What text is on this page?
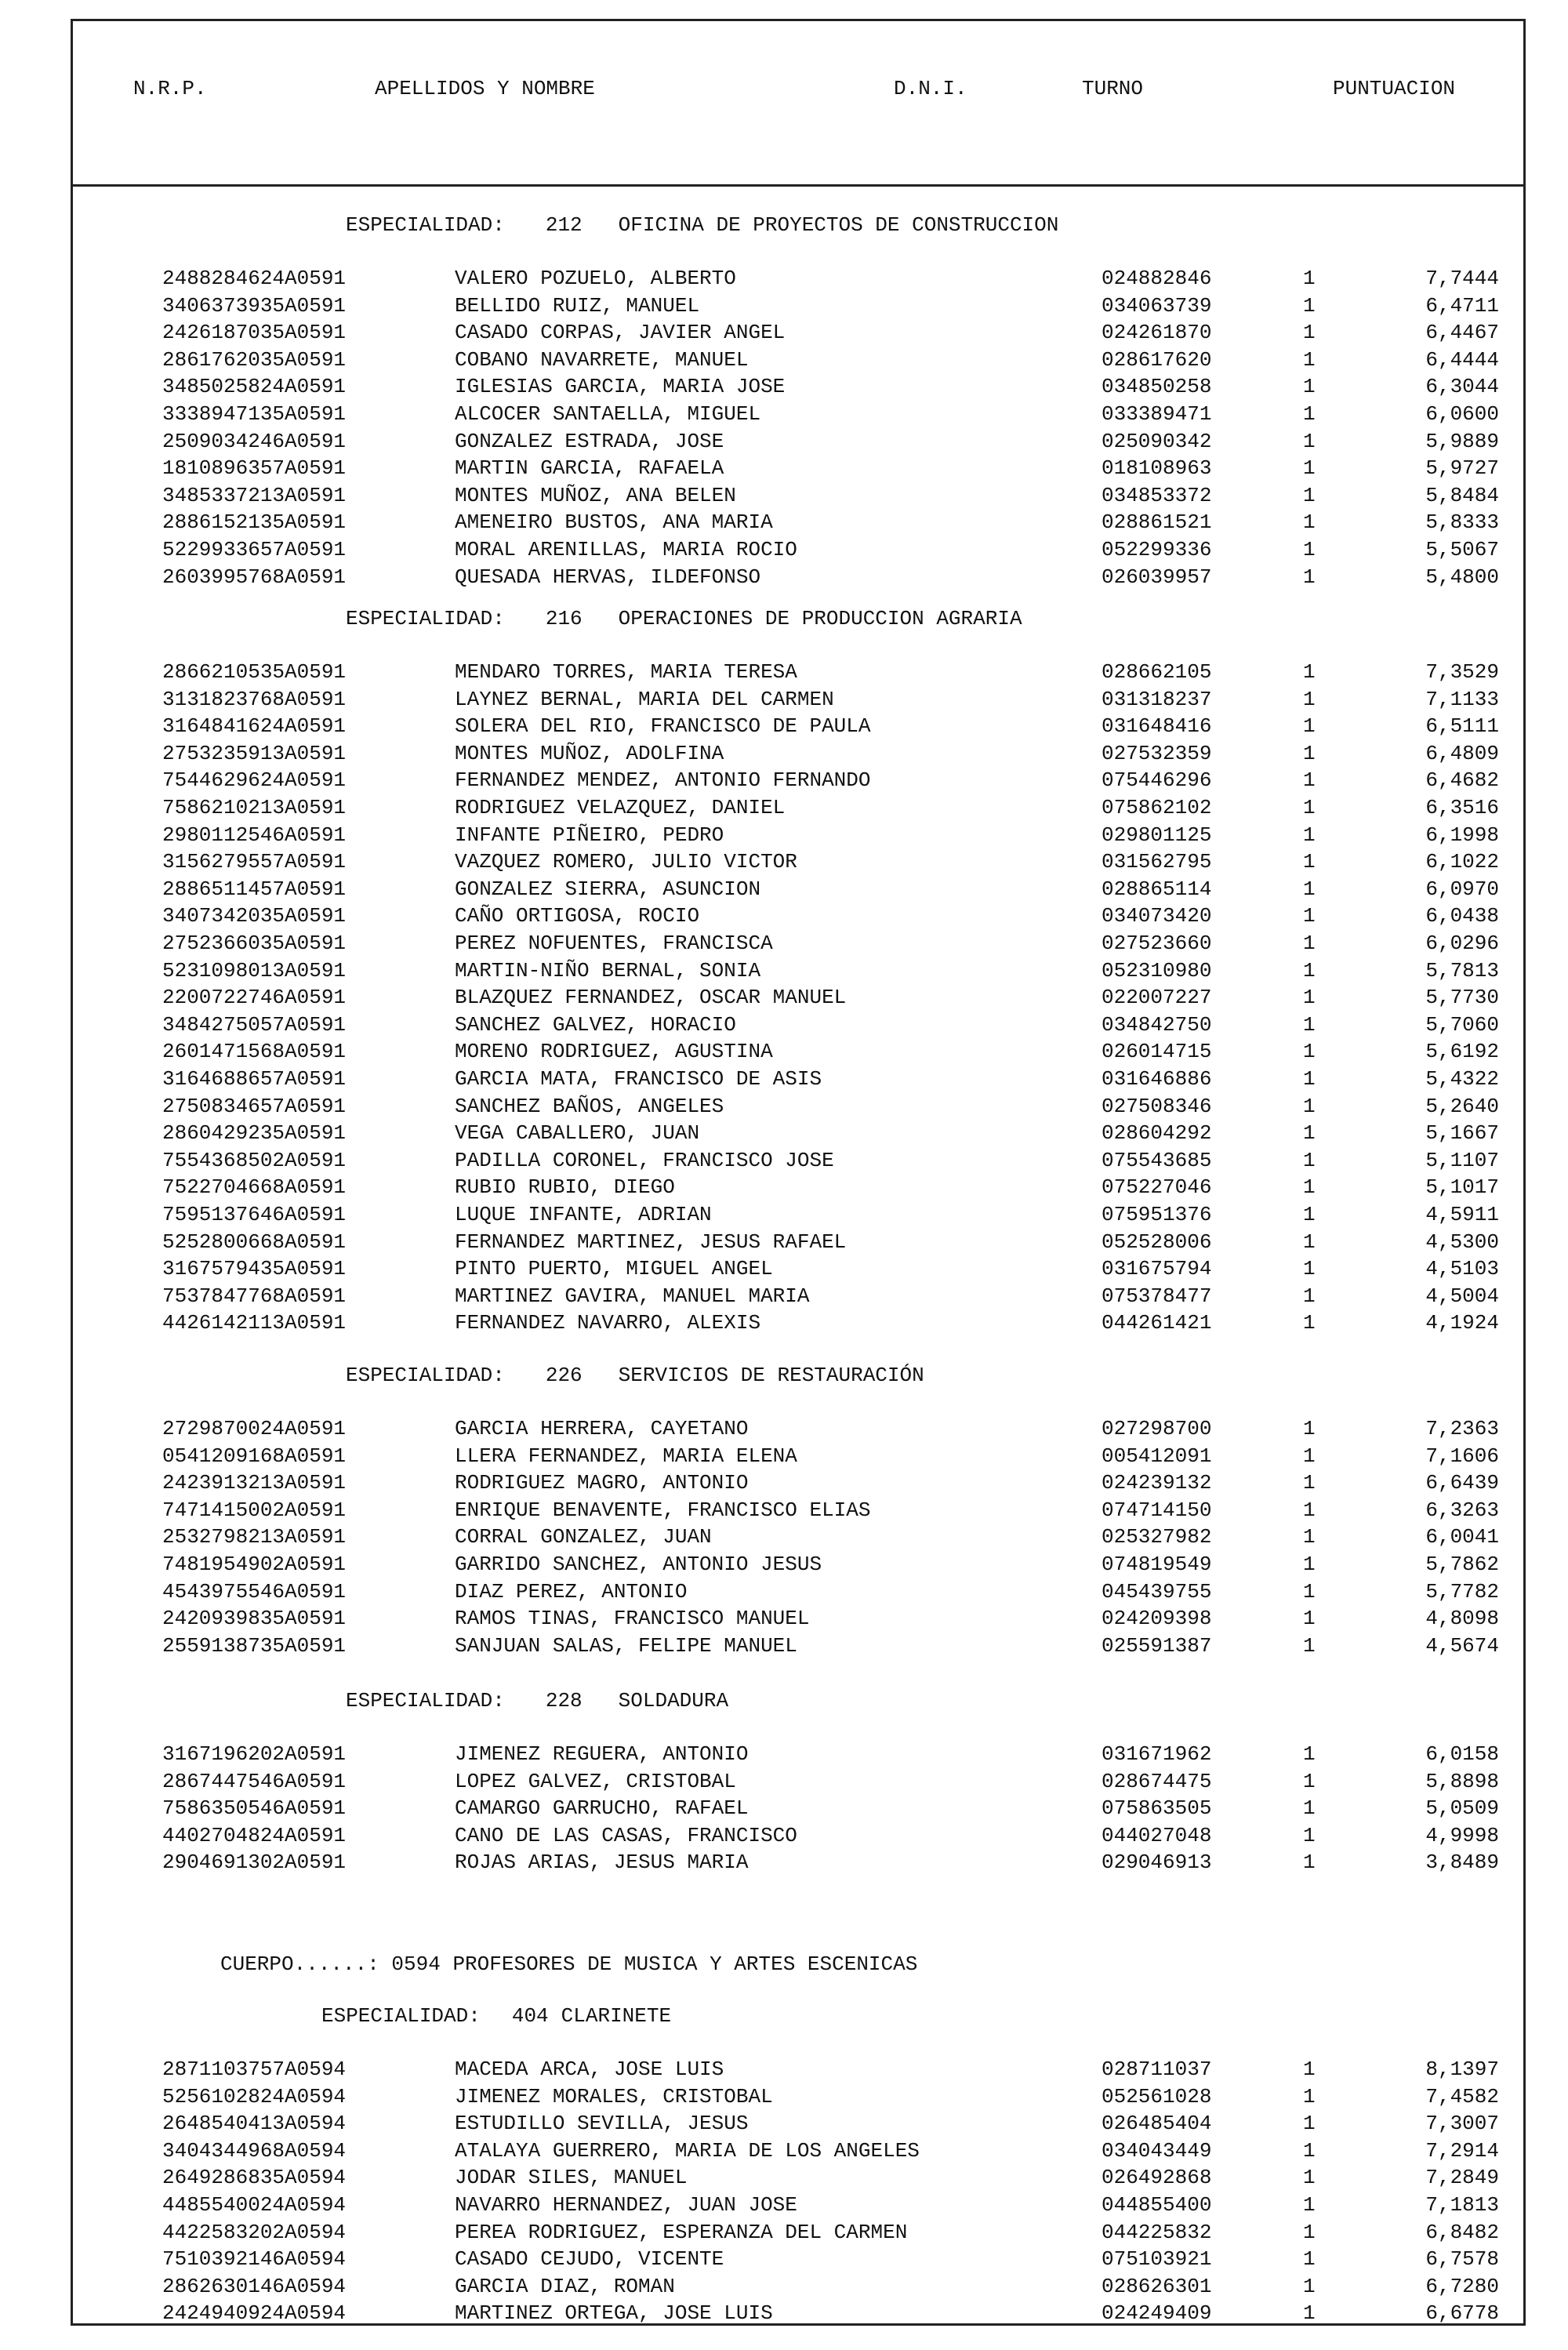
N.R.P.	APELLIDOS Y NOMBRE	D.N.I.	TURNO	PUNTUACION
ESPECIALIDAD: 212 OFICINA DE PROYECTOS DE CONSTRUCCION
2488284624A0591	VALERO POZUELO, ALBERTO	024882846	1	7,7444
3406373935A0591	BELLIDO RUIZ, MANUEL	034063739	1	6,4711
2426187035A0591	CASADO CORPAS, JAVIER ANGEL	024261870	1	6,4467
2861762035A0591	COBANO NAVARRETE, MANUEL	028617620	1	6,4444
3485025824A0591	IGLESIAS GARCIA, MARIA JOSE	034850258	1	6,3044
3338947135A0591	ALCOCER SANTAELLA, MIGUEL	033389471	1	6,0600
2509034246A0591	GONZALEZ ESTRADA, JOSE	025090342	1	5,9889
1810896357A0591	MARTIN GARCIA, RAFAELA	018108963	1	5,9727
3485337213A0591	MONTES MUÑOZ, ANA BELEN	034853372	1	5,8484
2886152135A0591	AMENEIRO BUSTOS, ANA MARIA	028861521	1	5,8333
5229933657A0591	MORAL ARENILLAS, MARIA ROCIO	052299336	1	5,5067
2603995768A0591	QUESADA HERVAS, ILDEFONSO	026039957	1	5,4800
ESPECIALIDAD: 216 OPERACIONES DE PRODUCCION AGRARIA
2866210535A0591	MENDARO TORRES, MARIA TERESA	028662105	1	7,3529
3131823768A0591	LAYNEZ BERNAL, MARIA DEL CARMEN	031318237	1	7,1133
3164841624A0591	SOLERA DEL RIO, FRANCISCO DE PAULA	031648416	1	6,5111
2753235913A0591	MONTES MUÑOZ, ADOLFINA	027532359	1	6,4809
7544629624A0591	FERNANDEZ MENDEZ, ANTONIO FERNANDO	075446296	1	6,4682
7586210213A0591	RODRIGUEZ VELAZQUEZ, DANIEL	075862102	1	6,3516
2980112546A0591	INFANTE PIÑEIRO, PEDRO	029801125	1	6,1998
3156279557A0591	VAZQUEZ ROMERO, JULIO VICTOR	031562795	1	6,1022
2886511457A0591	GONZALEZ SIERRA, ASUNCION	028865114	1	6,0970
3407342035A0591	CAÑO ORTIGOSA, ROCIO	034073420	1	6,0438
2752366035A0591	PEREZ NOFUENTES, FRANCISCA	027523660	1	6,0296
5231098013A0591	MARTIN-NIÑO BERNAL, SONIA	052310980	1	5,7813
2200722746A0591	BLAZQUEZ FERNANDEZ, OSCAR MANUEL	022007227	1	5,7730
3484275057A0591	SANCHEZ GALVEZ, HORACIO	034842750	1	5,7060
2601471568A0591	MORENO RODRIGUEZ, AGUSTINA	026014715	1	5,6192
3164688657A0591	GARCIA MATA, FRANCISCO DE ASIS	031646886	1	5,4322
2750834657A0591	SANCHEZ BAÑOS, ANGELES	027508346	1	5,2640
2860429235A0591	VEGA CABALLERO, JUAN	028604292	1	5,1667
7554368502A0591	PADILLA CORONEL, FRANCISCO JOSE	075543685	1	5,1107
7522704668A0591	RUBIO RUBIO, DIEGO	075227046	1	5,1017
7595137646A0591	LUQUE INFANTE, ADRIAN	075951376	1	4,5911
5252800668A0591	FERNANDEZ MARTINEZ, JESUS RAFAEL	052528006	1	4,5300
3167579435A0591	PINTO PUERTO, MIGUEL ANGEL	031675794	1	4,5103
7537847768A0591	MARTINEZ GAVIRA, MANUEL MARIA	075378477	1	4,5004
4426142113A0591	FERNANDEZ NAVARRO, ALEXIS	044261421	1	4,1924
ESPECIALIDAD: 226 SERVICIOS DE RESTAURACIÓN
2729870024A0591	GARCIA HERRERA, CAYETANO	027298700	1	7,2363
0541209168A0591	LLERA FERNANDEZ, MARIA ELENA	005412091	1	7,1606
2423913213A0591	RODRIGUEZ MAGRO, ANTONIO	024239132	1	6,6439
7471415002A0591	ENRIQUE BENAVENTE, FRANCISCO ELIAS	074714150	1	6,3263
2532798213A0591	CORRAL GONZALEZ, JUAN	025327982	1	6,0041
7481954902A0591	GARRIDO SANCHEZ, ANTONIO JESUS	074819549	1	5,7862
4543975546A0591	DIAZ PEREZ, ANTONIO	045439755	1	5,7782
2420939835A0591	RAMOS TINAS, FRANCISCO MANUEL	024209398	1	4,8098
2559138735A0591	SANJUAN SALAS, FELIPE MANUEL	025591387	1	4,5674
ESPECIALIDAD: 228 SOLDADURA
3167196202A0591	JIMENEZ REGUERA, ANTONIO	031671962	1	6,0158
2867447546A0591	LOPEZ GALVEZ, CRISTOBAL	028674475	1	5,8898
7586350546A0591	CAMARGO GARRUCHO, RAFAEL	075863505	1	5,0509
4402704824A0591	CANO DE LAS CASAS, FRANCISCO	044027048	1	4,9998
2904691302A0591	ROJAS ARIAS, JESUS MARIA	029046913	1	3,8489
CUERPO......: 0594 PROFESORES DE MUSICA Y ARTES ESCENICAS
ESPECIALIDAD: 404 CLARINETE
2871103757A0594	MACEDA ARCA, JOSE LUIS	028711037	1	8,1397
5256102824A0594	JIMENEZ MORALES, CRISTOBAL	052561028	1	7,4582
2648540413A0594	ESTUDILLO SEVILLA, JESUS	026485404	1	7,3007
3404344968A0594	ATALAYA GUERRERO, MARIA DE LOS ANGELES	034043449	1	7,2914
2649286835A0594	JODAR SILES, MANUEL	026492868	1	7,2849
4485540024A0594	NAVARRO HERNANDEZ, JUAN JOSE	044855400	1	7,1813
4422583202A0594	PEREA RODRIGUEZ, ESPERANZA DEL CARMEN	044225832	1	6,8482
7510392146A0594	CASADO CEJUDO, VICENTE	075103921	1	6,7578
2862630146A0594	GARCIA DIAZ, ROMAN	028626301	1	6,7280
2424940924A0594	MARTINEZ ORTEGA, JOSE LUIS	024249409	1	6,6778
